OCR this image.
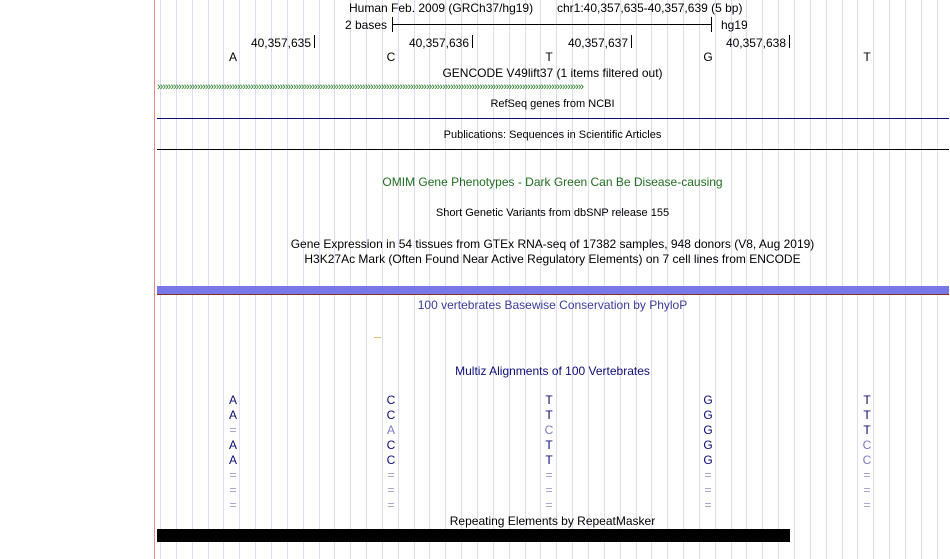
Human Feb. 2009 (GRCh37/hg19) chr1:40,357,635-40,357,639 (5 bp)
2 bases	hg19
40,357,635	40,357,636	40,357,637	40,357,638
A	C	T	G	T
GENCODE V49lift37 (1 items filtered out)
››››››››››››››››››››››››››››››››››››››››››››››››››››››››››››››››››››››››››››››››››››››››››››››››››››››››››››››››››››››››››››››››››››››››››››››››››››››››››››››››
RefSeq genes from NCBI
Publications: Sequences in Scientific Articles
OMIM Gene Phenotypes - Dark Green Can Be Disease-causing
Short Genetic Variants from dbSNP release 155
Gene Expression in 54 tissues from GTEx RNA-seq of 17382 samples, 948 donors (V8, Aug 2019)
H3K27Ac Mark (Often Found Near Active Regulatory Elements) on 7 cell lines from ENCODE
100 vertebrates Basewise Conservation by PhyloP
Multiz Alignments of 100 Vertebrates
A	C	T	G	T
A	C	T	G	T
=	A	C	G	T
A	C	T	G	C
A	C	T	G	C
=	=	=	=	=
=	=	=	=	=
=	=	=	=	=
Repeating Elements by RepeatMasker
